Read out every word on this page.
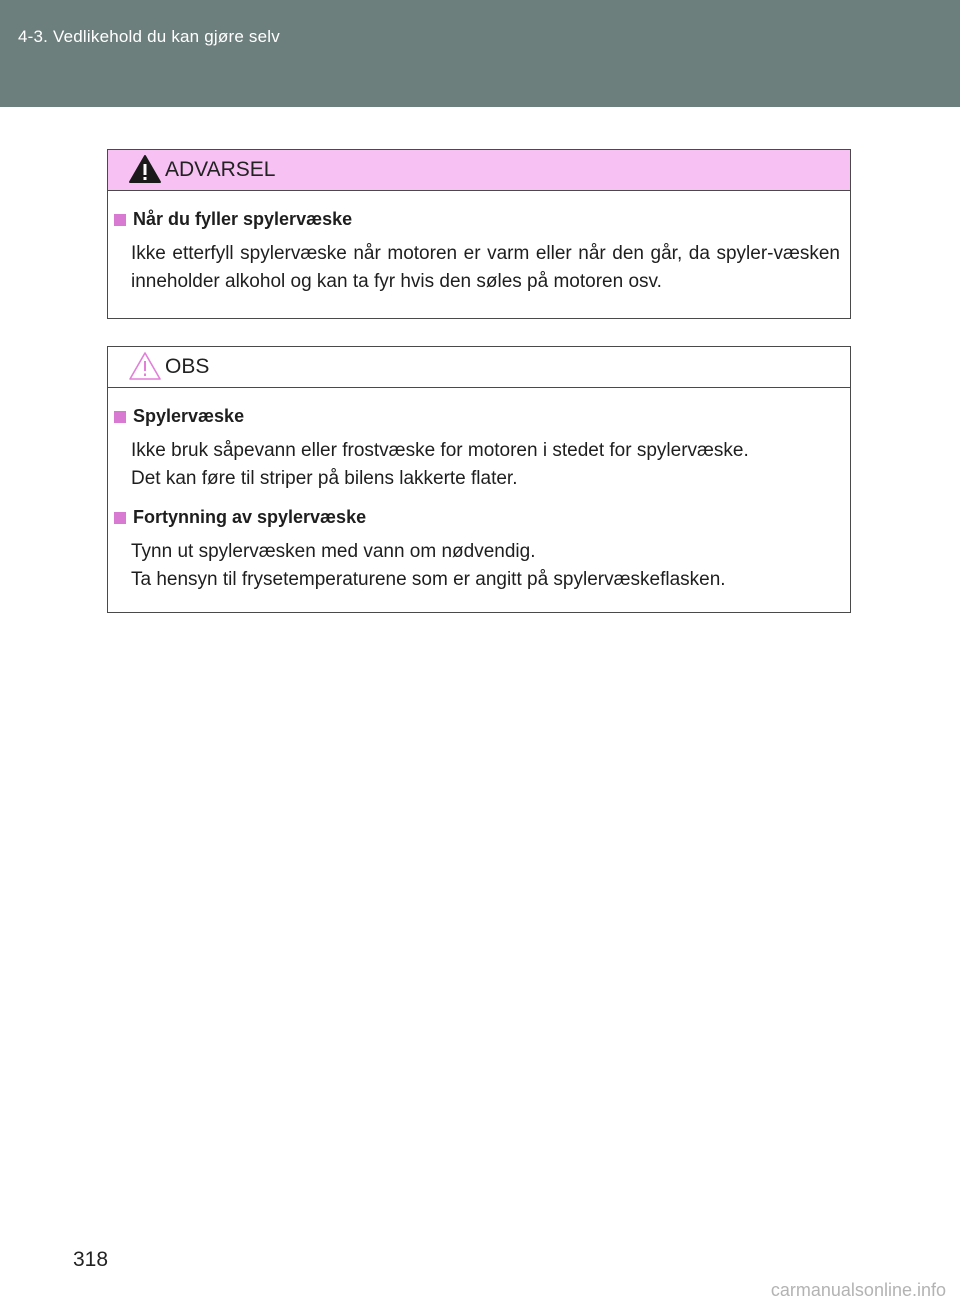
4-3. Vedlikehold du kan gjøre selv
ADVARSEL
Når du fyller spylervæske
Ikke etterfyll spylervæske når motoren er varm eller når den går, da spyler-væsken inneholder alkohol og kan ta fyr hvis den søles på motoren osv.
OBS
Spylervæske
Ikke bruk såpevann eller frostvæske for motoren i stedet for spylervæske.
Det kan føre til striper på bilens lakkerte flater.
Fortynning av spylervæske
Tynn ut spylervæsken med vann om nødvendig.
Ta hensyn til frysetemperaturene som er angitt på spylervæskeflasken.
318
carmanualsonline.info
